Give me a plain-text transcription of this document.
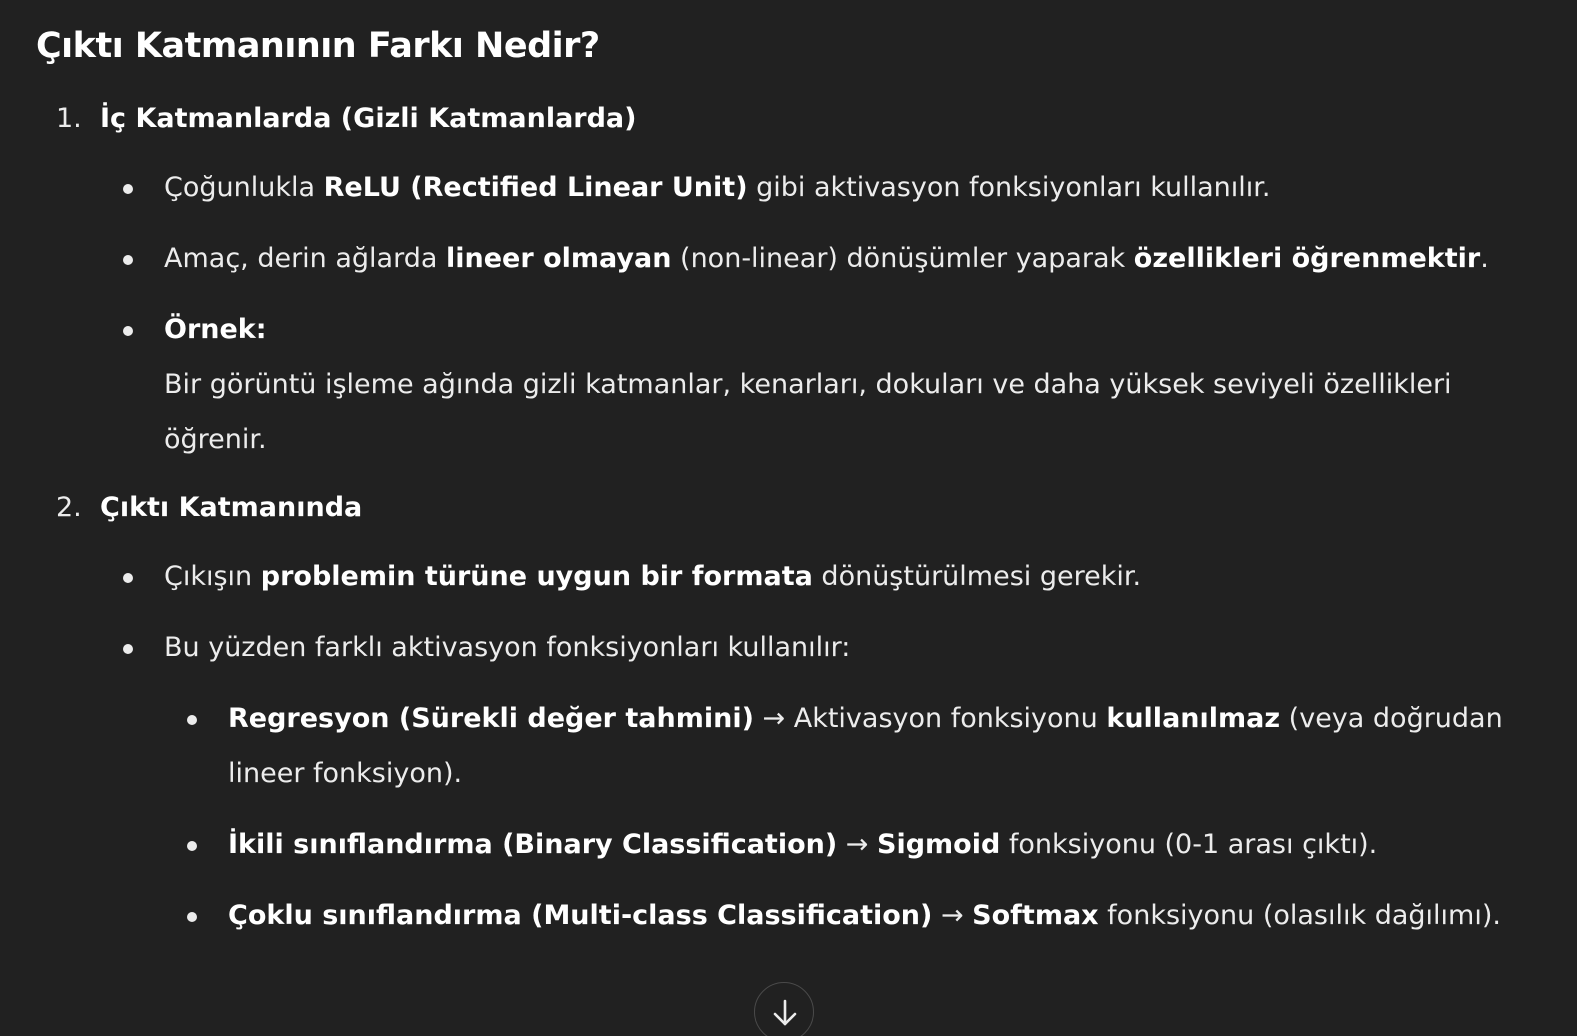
Çıktı Katmanının Farkı Nedir?
1. İç Katmanlarda (Gizli Katmanlarda)
Çoğunlukla ReLU (Rectified Linear Unit) gibi aktivasyon fonksiyonları kullanılır.
Amaç, derin ağlarda lineer olmayan (non-linear) dönüşümler yaparak özellikleri öğrenmektir.
Örnek:
Bir görüntü işleme ağında gizli katmanlar, kenarları, dokuları ve daha yüksek seviyeli özellikleri öğrenir.
2. Çıktı Katmanında
Çıkışın problemin türüne uygun bir formata dönüştürülmesi gerekir.
Bu yüzden farklı aktivasyon fonksiyonları kullanılır:
Regresyon (Sürekli değer tahmini) → Aktivasyon fonksiyonu kullanılmaz (veya doğrudan lineer fonksiyon).
İkili sınıflandırma (Binary Classification) → Sigmoid fonksiyonu (0-1 arası çıktı).
Çoklu sınıflandırma (Multi-class Classification) → Softmax fonksiyonu (olasılık dağılımı).
